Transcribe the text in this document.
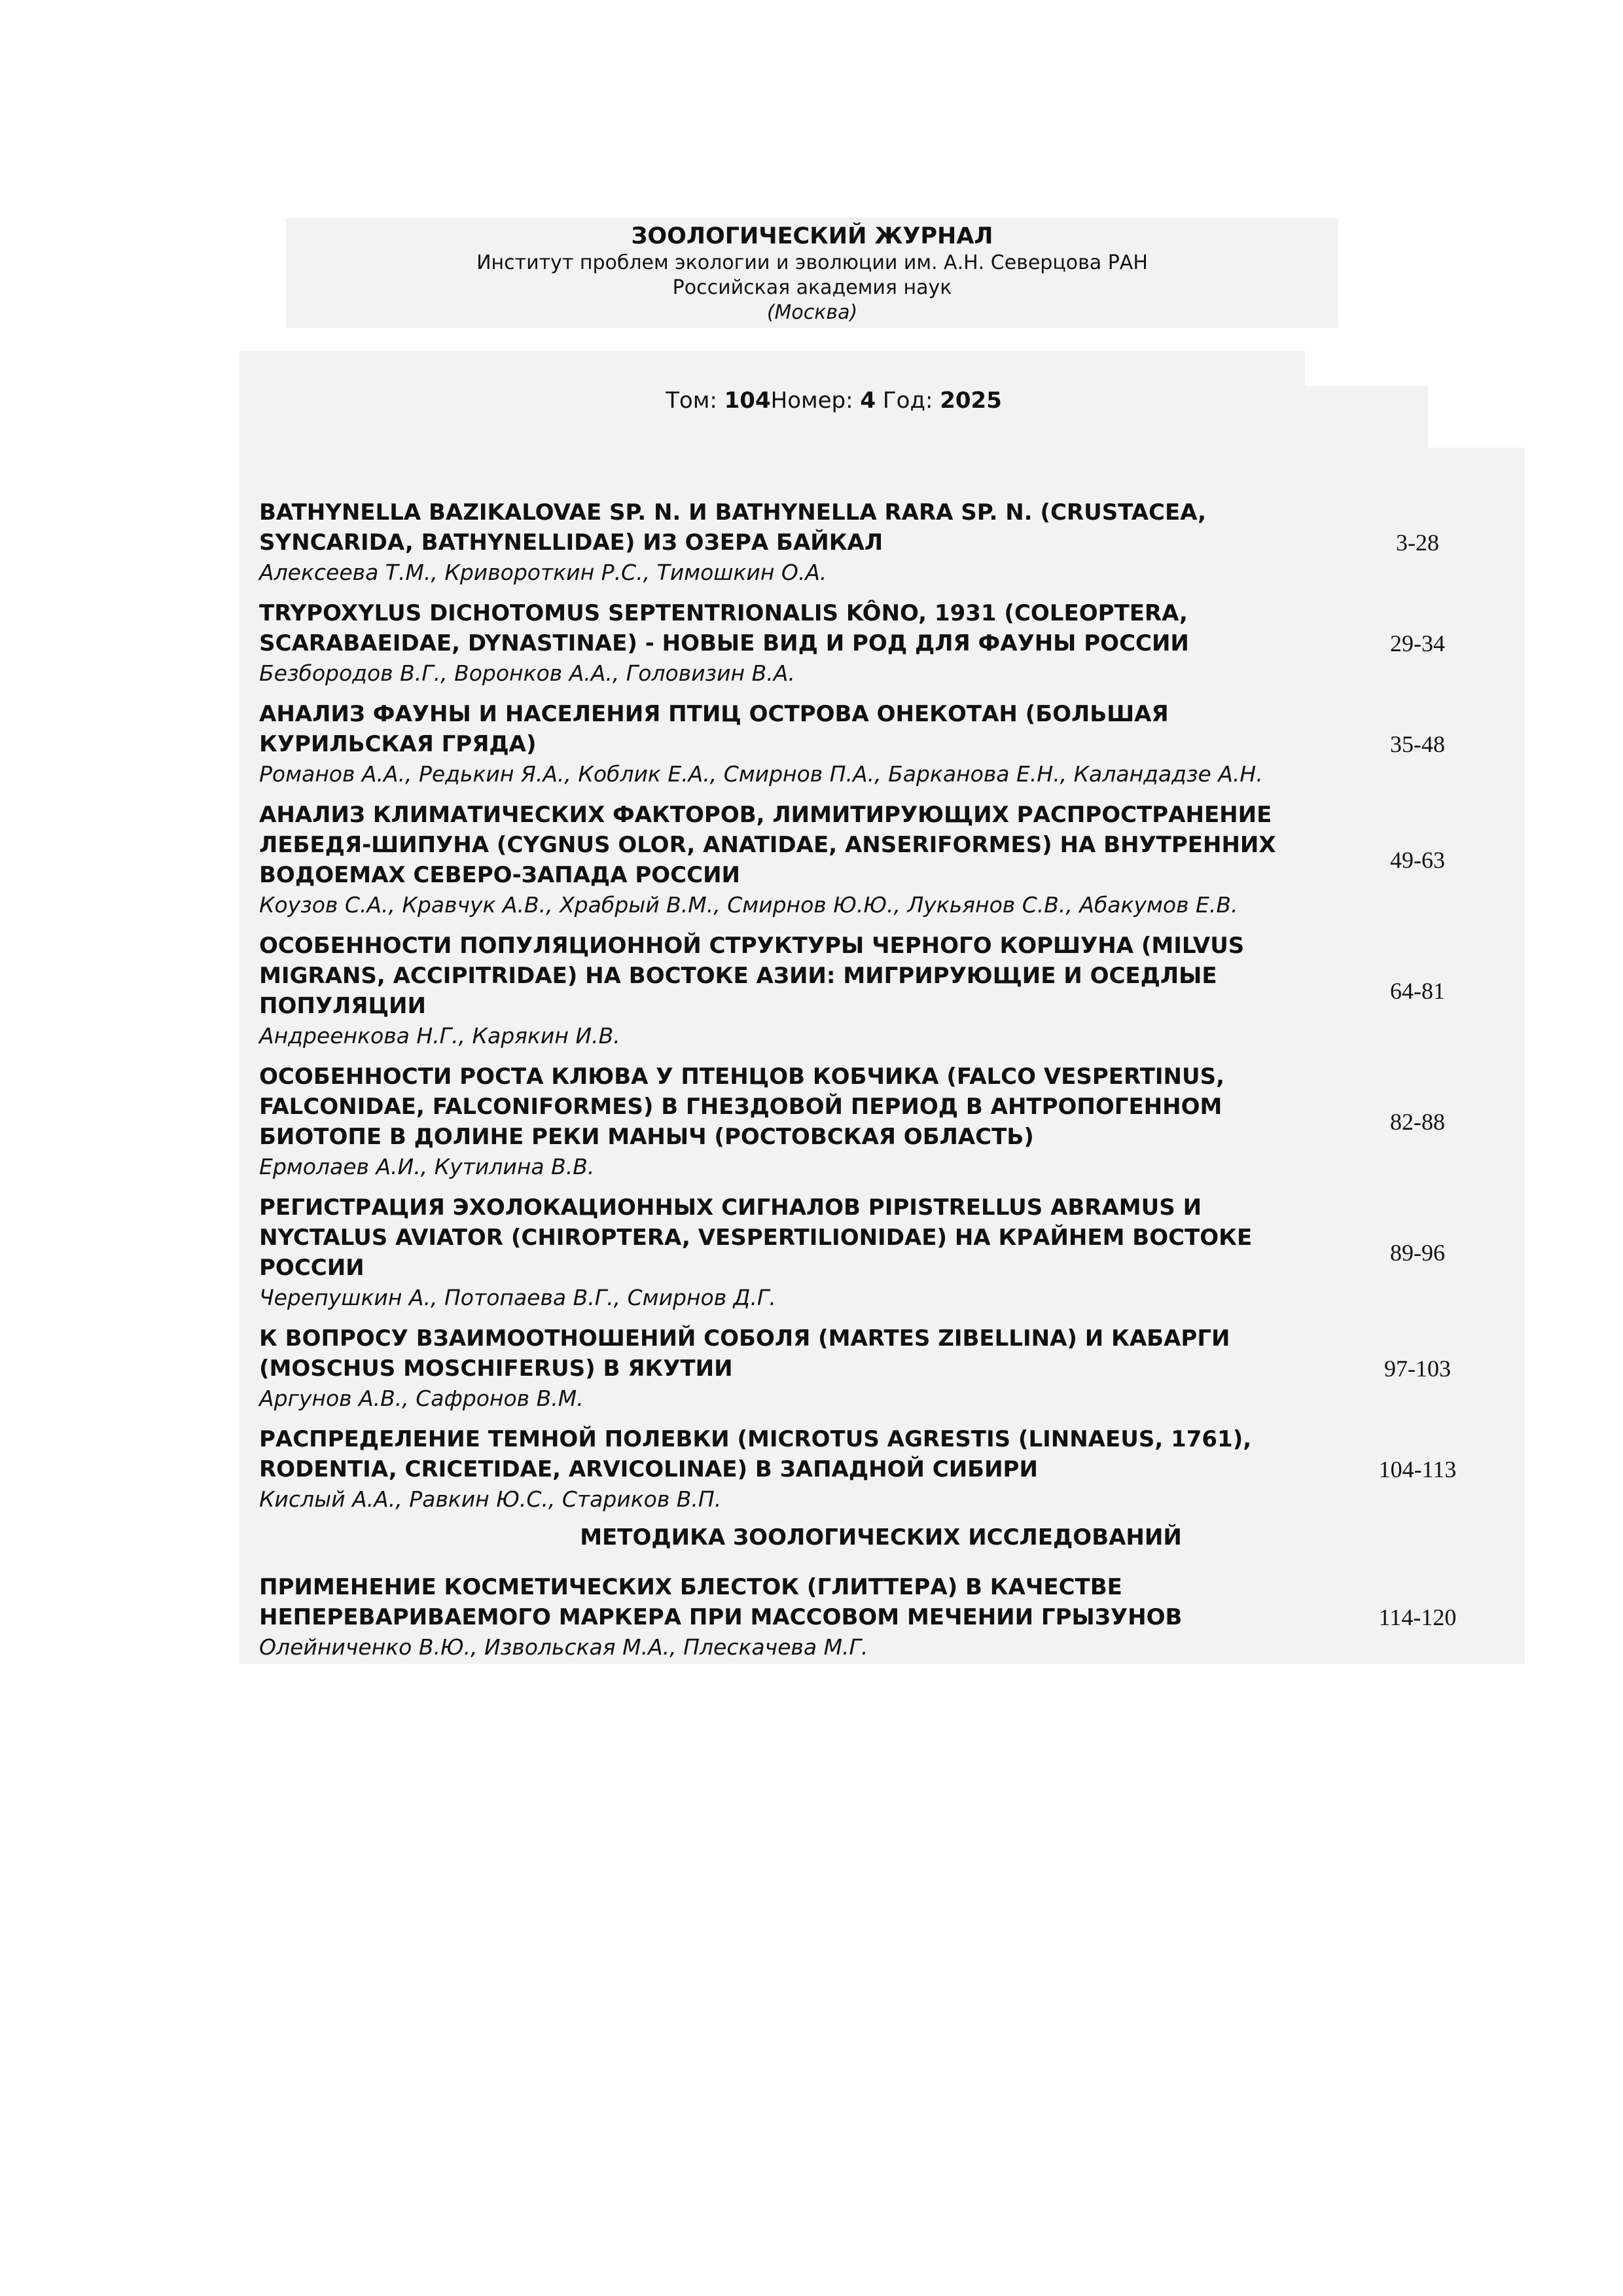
ЗООЛОГИЧЕСКИЙ ЖУРНАЛ
Институт проблем экологии и эволюции им. А.Н. Северцова РАН
Российская академия наук
(Москва)
Том: 104Номер: 4 Год: 2025
BATHYNELLA BAZIKALOVAE SP. N. И BATHYNELLA RARA SP. N. (CRUSTACEA, SYNCARIDA, BATHYNELLIDAE) ИЗ ОЗЕРА БАЙКАЛ
Алексеева Т.М., Кривороткин Р.С., Тимошкин О.А.
3-28
TRYPOXYLUS DICHOTOMUS SEPTENTRIONALIS KÔNO, 1931 (COLEOPTERA, SCARABAEIDAE, DYNASTINAE) - НОВЫЕ ВИД И РОД ДЛЯ ФАУНЫ РОССИИ
Безбородов В.Г., Воронков А.А., Головизин В.А.
29-34
АНАЛИЗ ФАУНЫ И НАСЕЛЕНИЯ ПТИЦ ОСТРОВА ОНЕКОТАН (БОЛЬШАЯ КУРИЛЬСКАЯ ГРЯДА)
Романов А.А., Редькин Я.А., Коблик Е.А., Смирнов П.А., Барканова Е.Н., Каландадзе А.Н.
35-48
АНАЛИЗ КЛИМАТИЧЕСКИХ ФАКТОРОВ, ЛИМИТИРУЮЩИХ РАСПРОСТРАНЕНИЕ ЛЕБЕДЯ-ШИПУНА (CYGNUS OLOR, ANATIDAE, ANSERIFORMES) НА ВНУТРЕННИХ ВОДОЕМАХ СЕВЕРО-ЗАПАДА РОССИИ
Коузов С.А., Кравчук А.В., Храбрый В.М., Смирнов Ю.Ю., Лукьянов С.В., Абакумов Е.В.
49-63
ОСОБЕННОСТИ ПОПУЛЯЦИОННОЙ СТРУКТУРЫ ЧЕРНОГО КОРШУНА (MILVUS MIGRANS, ACCIPITRIDAE) НА ВОСТОКЕ АЗИИ: МИГРИРУЮЩИЕ И ОСЕДЛЫЕ ПОПУЛЯЦИИ
Андреенкова Н.Г., Карякин И.В.
64-81
ОСОБЕННОСТИ РОСТА КЛЮВА У ПТЕНЦОВ КОБЧИКА (FALCO VESPERTINUS, FALCONIDAE, FALCONIFORMES) В ГНЕЗДОВОЙ ПЕРИОД В АНТРОПОГЕННОМ БИОТОПЕ В ДОЛИНЕ РЕКИ МАНЫЧ (РОСТОВСКАЯ ОБЛАСТЬ)
Ермолаев А.И., Кутилина В.В.
82-88
РЕГИСТРАЦИЯ ЭХОЛОКАЦИОННЫХ СИГНАЛОВ PIPISTRELLUS ABRAMUS И NYCTALUS AVIATOR (CHIROPTERA, VESPERTILIONIDAE) НА КРАЙНЕМ ВОСТОКЕ РОССИИ
Черепушкин А., Потопаева В.Г., Смирнов Д.Г.
89-96
К ВОПРОСУ ВЗАИМООТНОШЕНИЙ СОБОЛЯ (MARTES ZIBELLINA) И КАБАРГИ (MOSCHUS MOSCHIFERUS) В ЯКУТИИ
Аргунов А.В., Сафронов В.М.
97-103
РАСПРЕДЕЛЕНИЕ ТЕМНОЙ ПОЛЕВКИ (MICROTUS AGRESTIS (LINNAEUS, 1761), RODENTIA, CRICETIDAE, ARVICOLINAE) В ЗАПАДНОЙ СИБИРИ
Кислый А.А., Равкин Ю.С., Стариков В.П.
104-113
МЕТОДИКА ЗООЛОГИЧЕСКИХ ИССЛЕДОВАНИЙ
ПРИМЕНЕНИЕ КОСМЕТИЧЕСКИХ БЛЕСТОК (ГЛИТТЕРА) В КАЧЕСТВЕ НЕПЕРЕВАРИВАЕМОГО МАРКЕРА ПРИ МАССОВОМ МЕЧЕНИИ ГРЫЗУНОВ
Олейниченко В.Ю., Извольская М.А., Плескачева М.Г.
114-120
